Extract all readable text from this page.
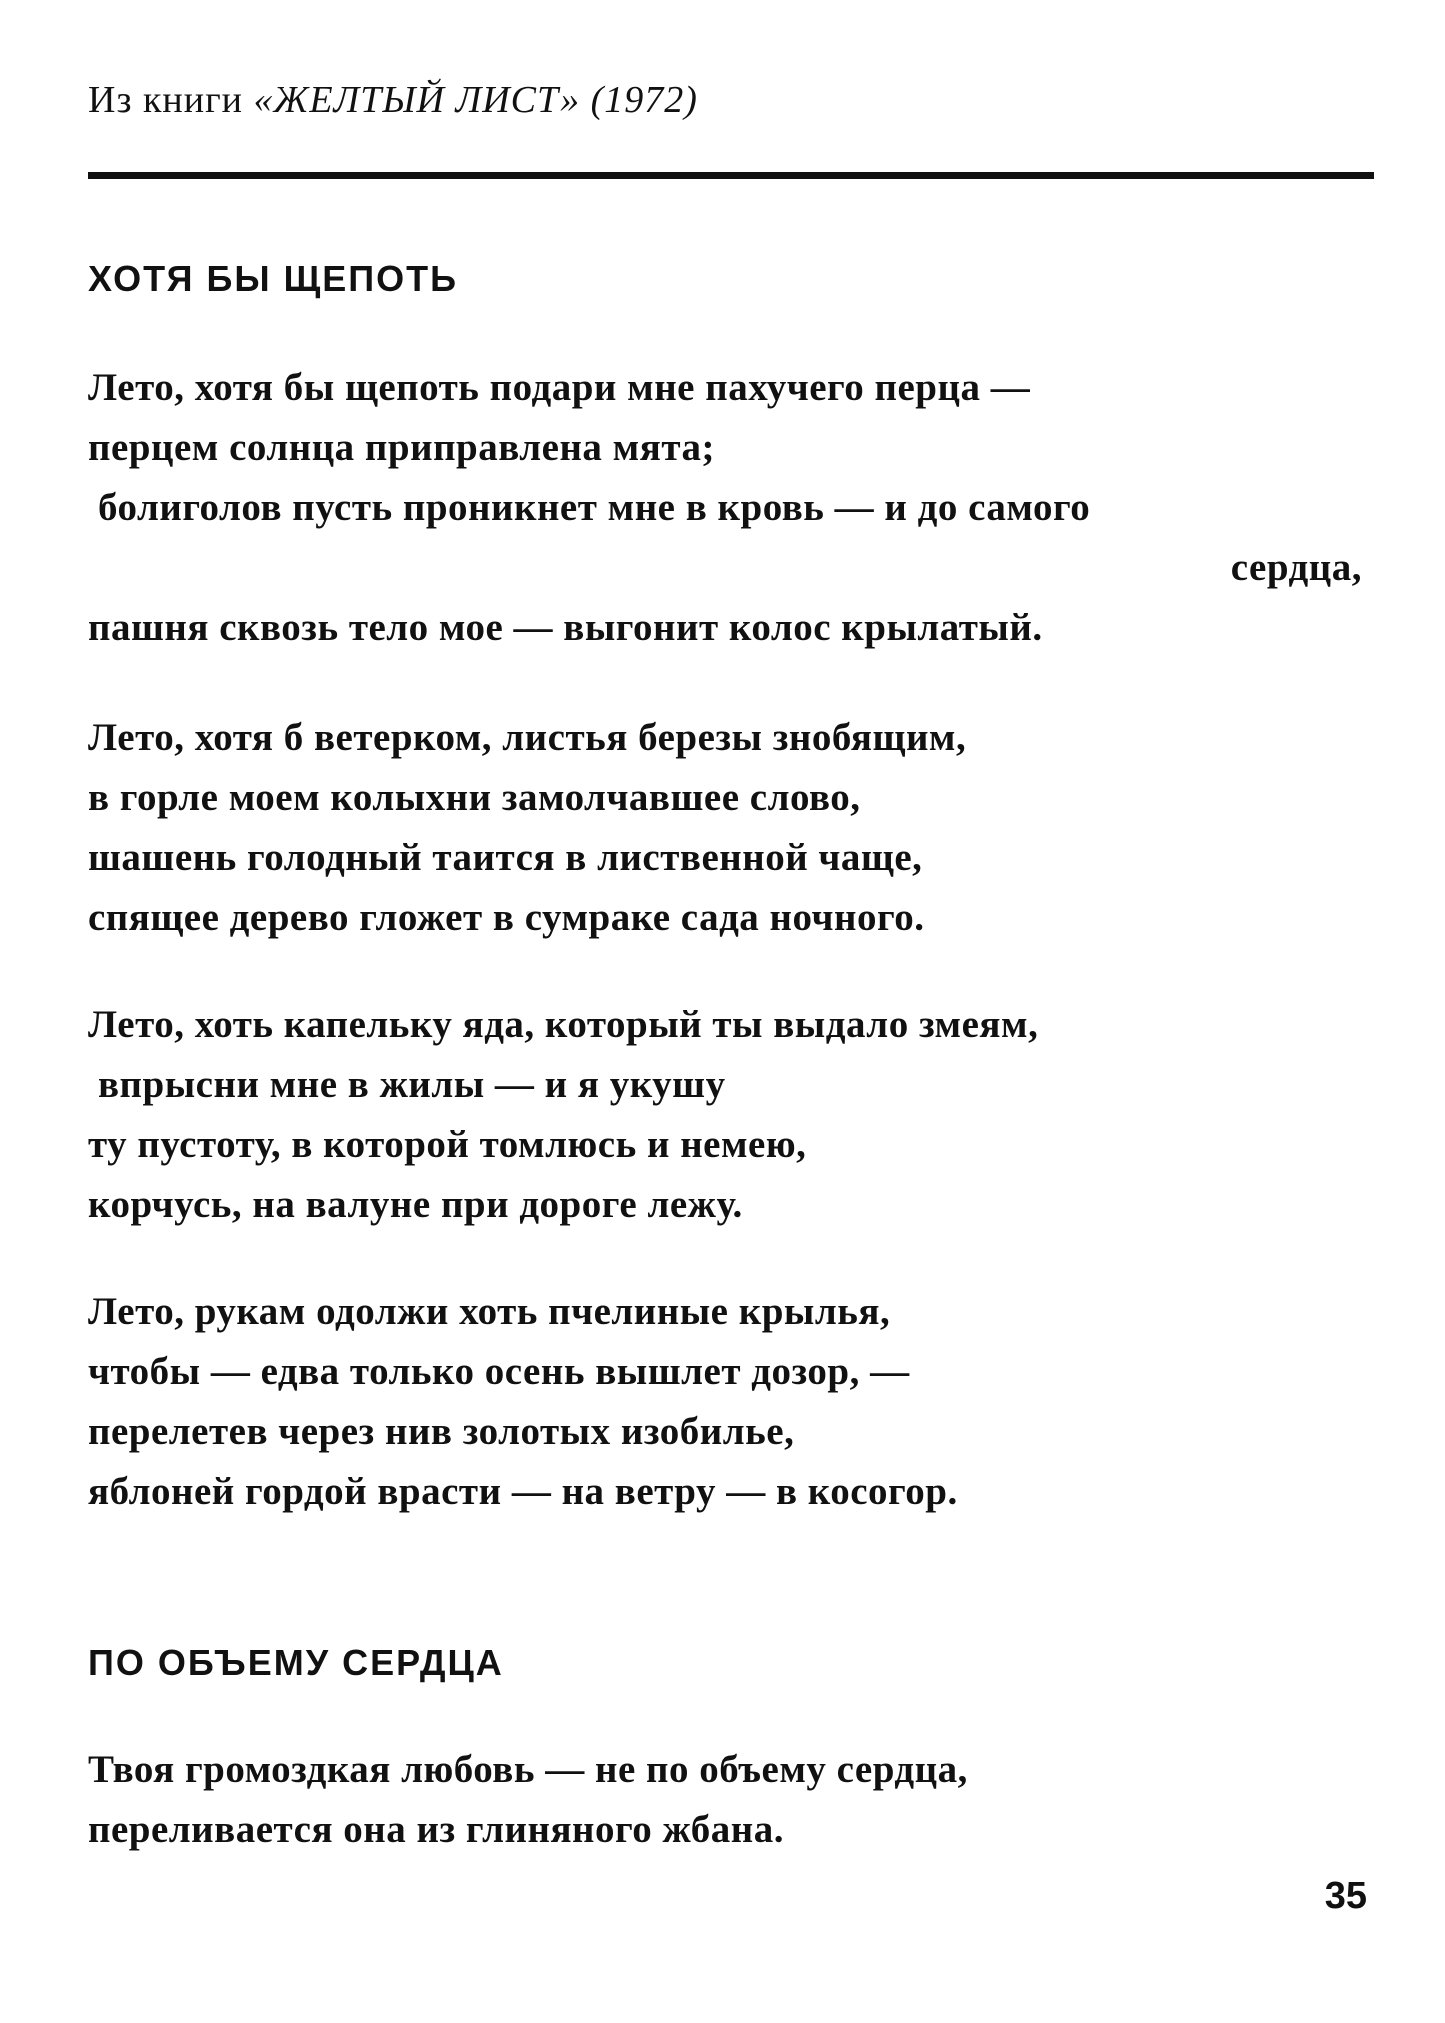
Из книги «ЖЕЛТЫЙ ЛИСТ» (1972)
ХОТЯ БЫ ЩЕПОТЬ
Лето, хотя бы щепоть подари мне пахучего перца —
перцем солнца приправлена мята;
болиголов пусть проникнет мне в кровь — и до самого
сердца,
пашня сквозь тело мое — выгонит колос крылатый.
Лето, хотя б ветерком, листья березы знобящим,
в горле моем колыхни замолчавшее слово,
шашень голодный таится в лиственной чаще,
спящее дерево гложет в сумраке сада ночного.
Лето, хоть капельку яда, который ты выдало змеям,
впрысни мне в жилы — и я укушу
ту пустоту, в которой томлюсь и немею,
корчусь, на валуне при дороге лежу.
Лето, рукам одолжи хоть пчелиные крылья,
чтобы — едва только осень вышлет дозор, —
перелетев через нив золотых изобилье,
яблоней гордой врасти — на ветру — в косогор.
ПО ОБЪЕМУ СЕРДЦА
Твоя громоздкая любовь — не по объему сердца,
переливается она из глиняного жбана.
35
